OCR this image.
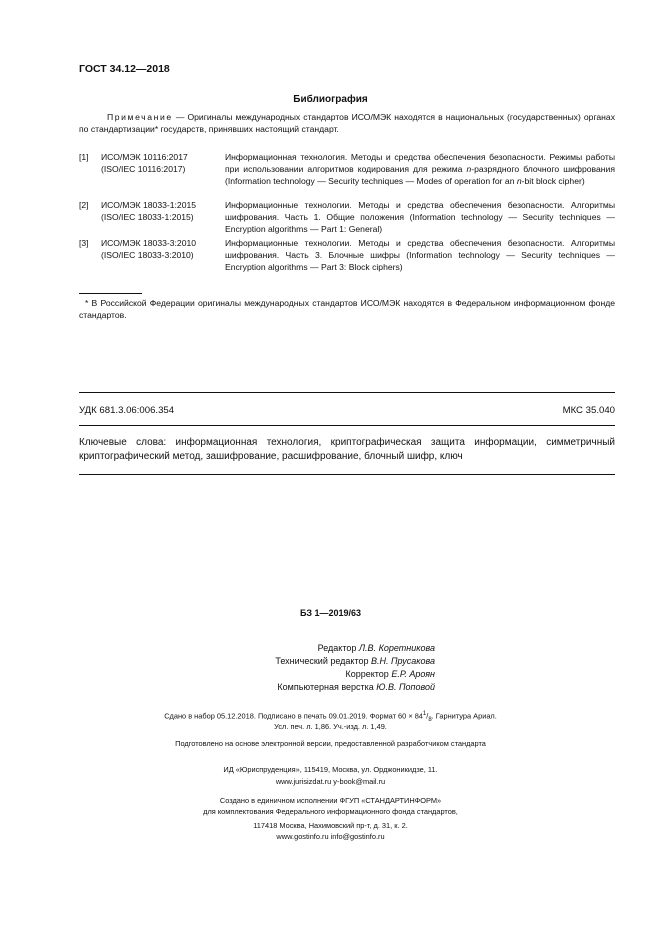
ГОСТ 34.12—2018
Библиография
Примечание — Оригиналы международных стандартов ИСО/МЭК находятся в национальных (государственных) органах по стандартизации* государств, принявших настоящий стандарт.
[1] ИСО/МЭК 10116:2017
(ISO/IEC 10116:2017)
Информационная технология. Методы и средства обеспечения безопасности. Режимы работы при использовании алгоритмов кодирования для режима n-разрядного блочного шифрования (Information technology — Security techniques — Modes of operation for an n-bit block cipher)
[2] ИСО/МЭК 18033-1:2015
(ISO/IEC 18033-1:2015)
Информационные технологии. Методы и средства обеспечения безопасности. Алгоритмы шифрования. Часть 1. Общие положения (Information technology — Security techniques — Encryption algorithms — Part 1: General)
[3] ИСО/МЭК 18033-3:2010
(ISO/IEC 18033-3:2010)
Информационные технологии. Методы и средства обеспечения безопасности. Алгоритмы шифрования. Часть 3. Блочные шифры (Information technology — Security techniques — Encryption algorithms — Part 3: Block ciphers)
* В Российской Федерации оригиналы международных стандартов ИСО/МЭК находятся в Федеральном информационном фонде стандартов.
УДК 681.3.06:006.354	МКС 35.040
Ключевые слова: информационная технология, криптографическая защита информации, симметричный криптографический метод, зашифрование, расшифрование, блочный шифр, ключ
БЗ 1—2019/63
Редактор Л.В. Коретникова
Технический редактор В.Н. Прусакова
Корректор Е.Р. Ароян
Компьютерная верстка Ю.В. Поповой
Сдано в набор 05.12.2018. Подписано в печать 09.01.2019. Формат $60 \times 84^1/_8$. Гарнитура Ариал.
Усл. печ. л. 1,86. Уч.-изд. л. 1,49.
Подготовлено на основе электронной версии, предоставленной разработчиком стандарта
ИД «Юриспруденция», 115419, Москва, ул. Орджоникидзе, 11.
www.jurisizdat.ru y-book@mail.ru
Создано в единичном исполнении ФГУП «СТАНДАРТИНФОРМ»
для комплектования Федерального информационного фонда стандартов,
117418 Москва, Нахимовский пр-т, д. 31, к. 2.
www.gostinfo.ru info@gostinfo.ru
